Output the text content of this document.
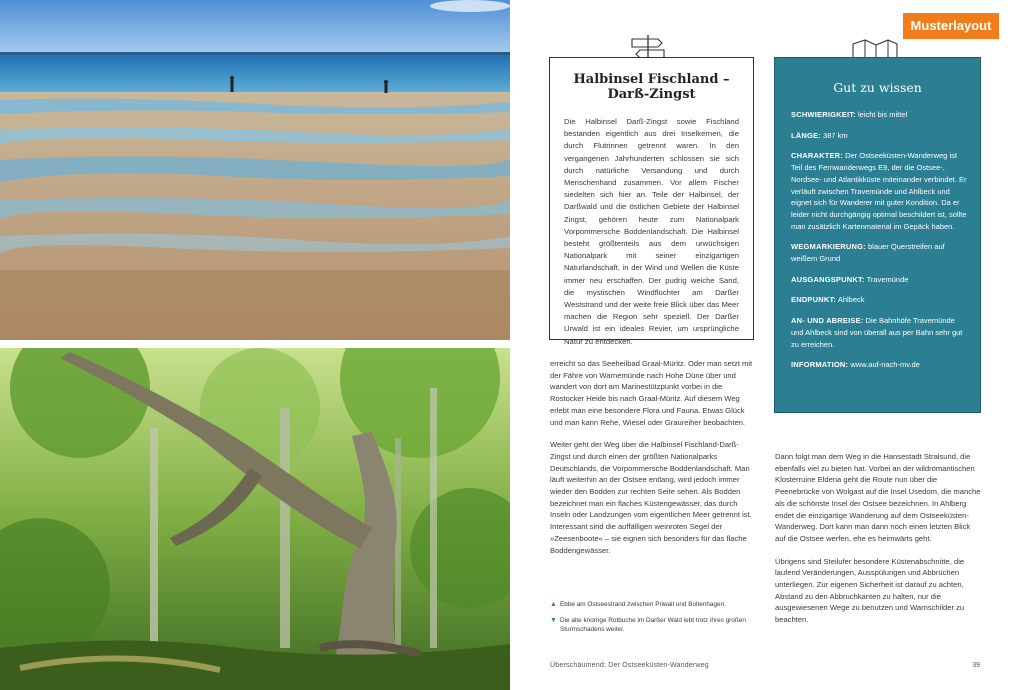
Musterlayout
Halbinsel Fischland – Darß-Zingst

Die Halbinsel Darß-Zingst sowie Fischland bestanden eigentlich aus drei Inselkernen, die durch Flutrinnen getrennt waren. In den vergangenen Jahrhunderten schlossen sie sich durch natürliche Versandung und durch Menschenhand zusammen. Vor allem Fischer siedelten sich hier an. Teile der Halbinsel, der Darßwald und die östlichen Gebiete der Halbinsel Zingst, gehören heute zum Nationalpark Vorpommersche Boddenlandschaft. Die Halbinsel besteht größtenteils aus dem urwüchsigen Nationalpark mit seiner einzigartigen Naturlandschaft, in der Wind und Wellen die Küste immer neu erschaffen. Der pudrig weiche Sand, die mystischen Windflüchter am Darßer Weststrand und der weite freie Blick über das Meer machen die Region sehr speziell. Der Darßer Urwald ist ein ideales Revier, um ursprüngliche Natur zu entdecken.

Gut zu wissen
SCHWIERIGKEIT: leicht bis mittel
LÄNGE: 387 km
CHARAKTER: Der Ostseeküsten-Wanderweg ist Teil des Fernwanderwegs E9, der die Ostsee-, Nordsee- und Atlantikküste miteinander verbindet. Er verläuft zwischen Travemünde und Ahlbeck und eignet sich für Wanderer mit guter Kondition. Da er leider nicht durchgängig optimal beschildert ist, sollte man zusätzlich Kartenmaterial im Gepäck haben.
WEGMARKIERUNG: blauer Querstreifen auf weißem Grund
AUSGANGSPUNKT: Travemünde
ENDPUNKT: Ahlbeck
AN- UND ABREISE: Die Bahnhöfe Travemünde und Ahlbeck sind von überall aus per Bahn sehr gut zu erreichen.
INFORMATION: www.auf-nach-mv.de

erreicht so das Seeheilbad Graal-Müritz. Oder man setzt mit der Fähre von Warnemünde nach Hohe Düne über und wandert von dort am Marinestützpunkt vorbei in die Rostocker Heide bis nach Graal-Müritz. Auf diesem Weg erlebt man eine besondere Flora und Fauna. Etwas Glück und man kann Rehe, Wiesel oder Graureiher beobachten.

Weiter geht der Weg über die Halbinsel Fischland-Darß-Zingst und durch einen der größten Nationalparks Deutschlands, die Vorpommersche Boddenlandschaft. Man läuft weiterhin an der Ostsee entlang, wird jedoch immer wieder den Bodden zur rechten Seite sehen. Als Bodden bezeichnet man ein flaches Küstengewässer, das durch Inseln oder Landzungen vom eigentlichen Meer getrennt ist. Interessant sind die auffälligen weinroten Segel der »Zeesenboote« – sie eignen sich besonders für das flache Boddengewässer.

Dann folgt man dem Weg in die Hansestadt Stralsund, die ebenfalls viel zu bieten hat. Vorbei an der wildromantischen Klosterruine Eldena geht die Route nun über die Peenebrücke von Wolgast auf die Insel Usedom, die manche als die schönste Insel der Ostsee bezeichnen. In Ahlberg endet die einzigartige Wanderung auf dem Ostseeküsten-Wanderweg. Dort kann man dann noch einen letzten Blick auf die Ostsee werfen, ehe es heimwärts geht.

Übrigens sind Steilufer besondere Küstenabschnitte, die laufend Veränderungen, Ausspülungen und Abbrüchen unterliegen. Zur eigenen Sicherheit ist darauf zu achten, Abstand zu den Abbruchkanten zu halten, nur die ausgewiesenen Wege zu benutzen und Warnschilder zu beachten.

▲ Ebbe am Ostseestrand zwischen Priwall und Boltenhagen.
▼ Die alte knorrige Rotbuche im Darßer Wald lebt trotz ihres großen Sturmschadens weiter.
Überschäumend: Der Ostseeküsten-Wanderweg	39
